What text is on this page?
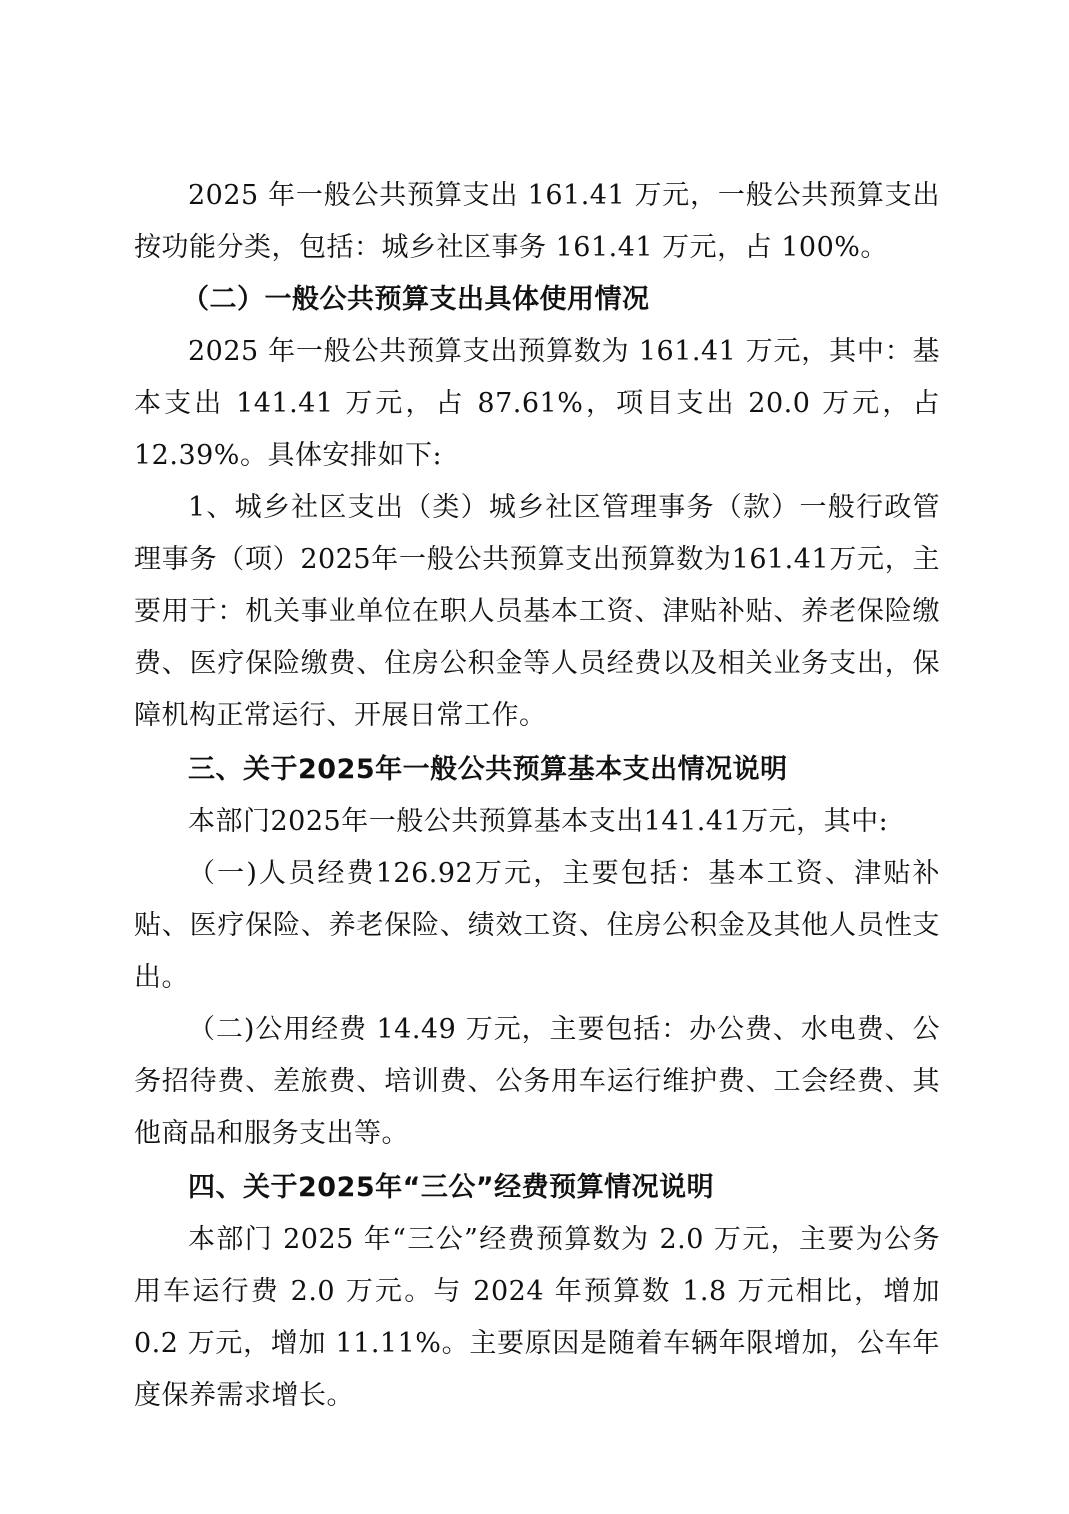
2025 年一般公共预算支出 161.41 万元，一般公共预算支出按功能分类，包括：城乡社区事务 161.41 万元，占 100%。

（二）一般公共预算支出具体使用情况

2025 年一般公共预算支出预算数为 161.41 万元，其中：基本支出 141.41 万元，占 87.61%，项目支出 20.0 万元，占 12.39%。具体安排如下:

1、城乡社区支出（类）城乡社区管理事务（款）一般行政管理事务（项）2025年一般公共预算支出预算数为161.41万元，主要用于：机关事业单位在职人员基本工资、津贴补贴、养老保险缴费、医疗保险缴费、住房公积金等人员经费以及相关业务支出，保障机构正常运行、开展日常工作。

三、关于2025年一般公共预算基本支出情况说明

本部门2025年一般公共预算基本支出141.41万元，其中:

（一)人员经费126.92万元，主要包括：基本工资、津贴补贴、医疗保险、养老保险、绩效工资、住房公积金及其他人员性支出。

（二)公用经费 14.49 万元，主要包括：办公费、水电费、公务招待费、差旅费、培训费、公务用车运行维护费、工会经费、其他商品和服务支出等。

四、关于2025年“三公”经费预算情况说明

本部门 2025 年“三公”经费预算数为 2.0 万元，主要为公务用车运行费 2.0 万元。与 2024 年预算数 1.8 万元相比，增加 0.2 万元，增加 11.11%。主要原因是随着车辆年限增加，公车年度保养需求增长。
